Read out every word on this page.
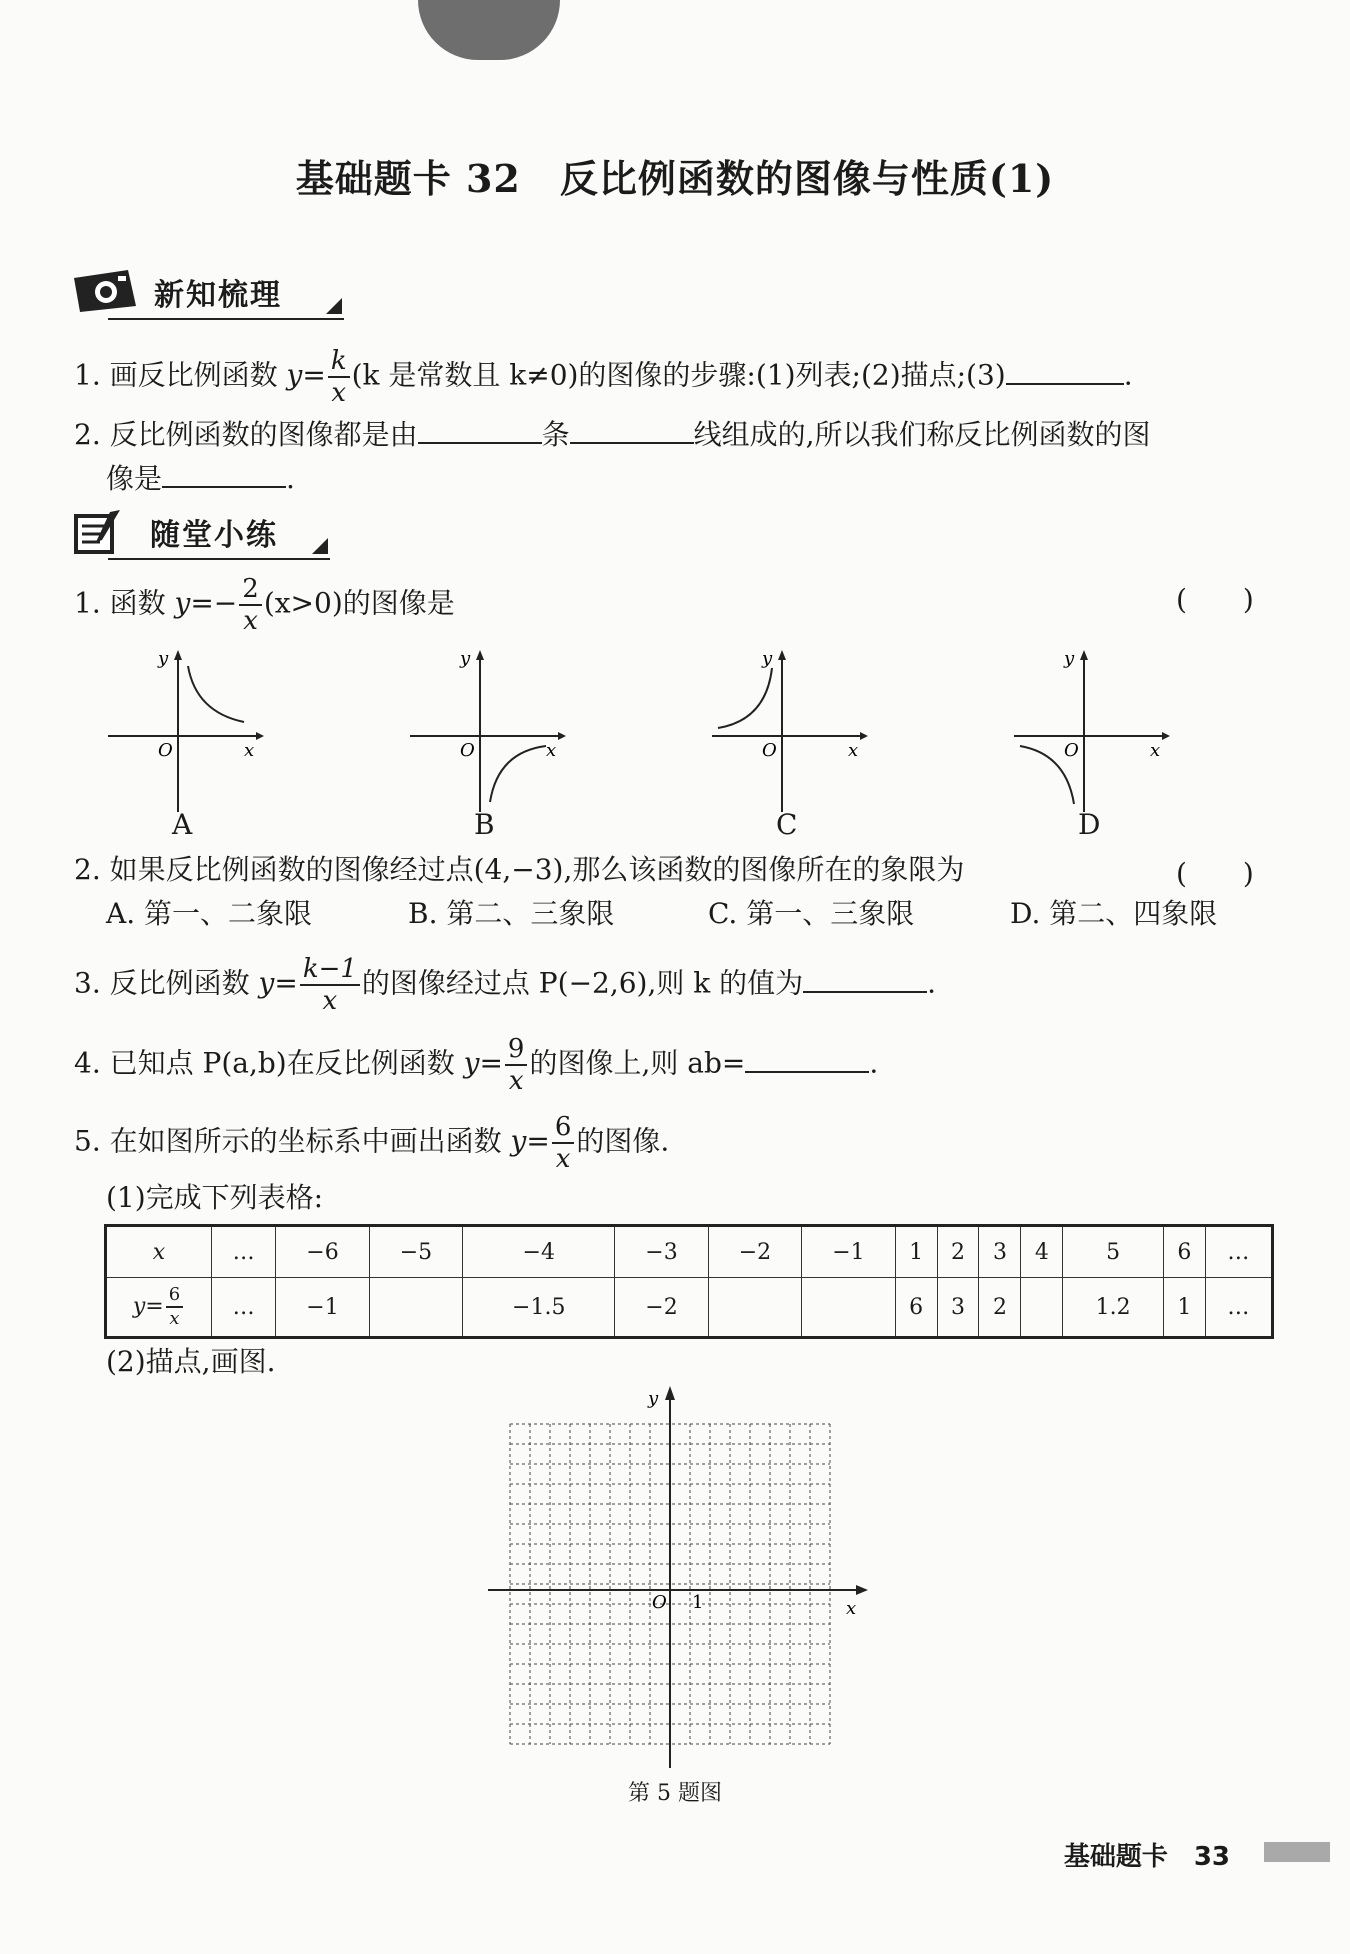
基础题卡 32　反比例函数的图像与性质(1)
新知梳理
1. 画反比例函数 $y= \frac{k}{x} (k$ 是常数且 k≠0)的图像的步骤:(1)列表;(2)描点;(3)	.
2. 反比例函数的图像都是由	条	线组成的,所以我们称反比例函数的图
像是	.
随堂小练
1. 函数 $y=- \frac{2}{x} (x>0)$的图像是	(　　)
y
O	x
A
y
O	x
B
y
O	x
C
y
O	x
D
2. 如果反比例函数的图像经过点(4,−3),那么该函数的图像所在的象限为	(　　)
A. 第一、二象限	B. 第二、三象限	C. 第一、三象限	D. 第二、四象限
3. 反比例函数 $y= \frac{k-1}{x}$ 的图像经过点 P(−2,6),则 k 的值为	.
4. 已知点 P(a,b)在反比例函数 $y= \frac{9}{x}$ 的图像上,则 ab=	.
5. 在如图所示的坐标系中画出函数 $y= \frac{6}{x}$ 的图像.
(1)完成下列表格:
x	…	−6	−5	−4	−3	−2	−1	1	2	3	4	5	6	…
$y= \frac{6}{x}$	…	−1		−1.5	−2			6	3	2		1.2	1	…
(2)描点,画图.
y
x
O 1
第 5 题图
基础题卡　33
